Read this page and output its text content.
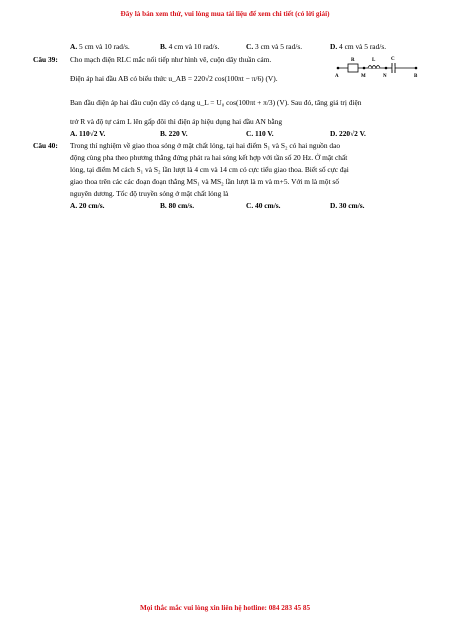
Đây là bản xem thử, vui lòng mua tài liệu để xem chi tiết (có lời giải)
A. 5 cm và 10 rad/s.	B. 4 cm và 10 rad/s.	C. 3 cm và 5 rad/s.	D. 4 cm và 5 rad/s.
Câu 39: Cho mạch điện RLC mắc nối tiếp như hình vẽ, cuộn dây thuần cảm.
Điện áp hai đầu AB có biểu thức u_AB = 220√2 cos(100πt − π/6) (V).
R	L	C
A	M	N	B
Ban đầu điện áp hai đầu cuộn dây có dạng u_L = U₀ cos(100πt + π/3) (V). Sau đó, tăng giá trị điện
trở R và độ tự cảm L lên gấp đôi thì điện áp hiệu dụng hai đầu AN bằng
A. 110√2 V.	B. 220 V.	C. 110 V.	D. 220√2 V.
Câu 40: Trong thí nghiệm về giao thoa sóng ở mặt chất lỏng, tại hai điểm S₁ và S₂ có hai nguồn dao
động cùng pha theo phương thẳng đứng phát ra hai sóng kết hợp với tần số 20 Hz. Ở mặt chất
lỏng, tại điểm M cách S₁ và S₂ lần lượt là 4 cm và 14 cm có cực tiểu giao thoa. Biết số cực đại
giao thoa trên các các đoạn đoạn thẳng MS₁ và MS₂ lần lượt là m và m+5. Với m là một số
nguyên dương. Tốc độ truyền sóng ở mặt chất lỏng là
A. 20 cm/s.	B. 80 cm/s.	C. 40 cm/s.	D. 30 cm/s.
Mọi thắc mắc vui lòng xin liên hệ hotline: 084 283 45 85
